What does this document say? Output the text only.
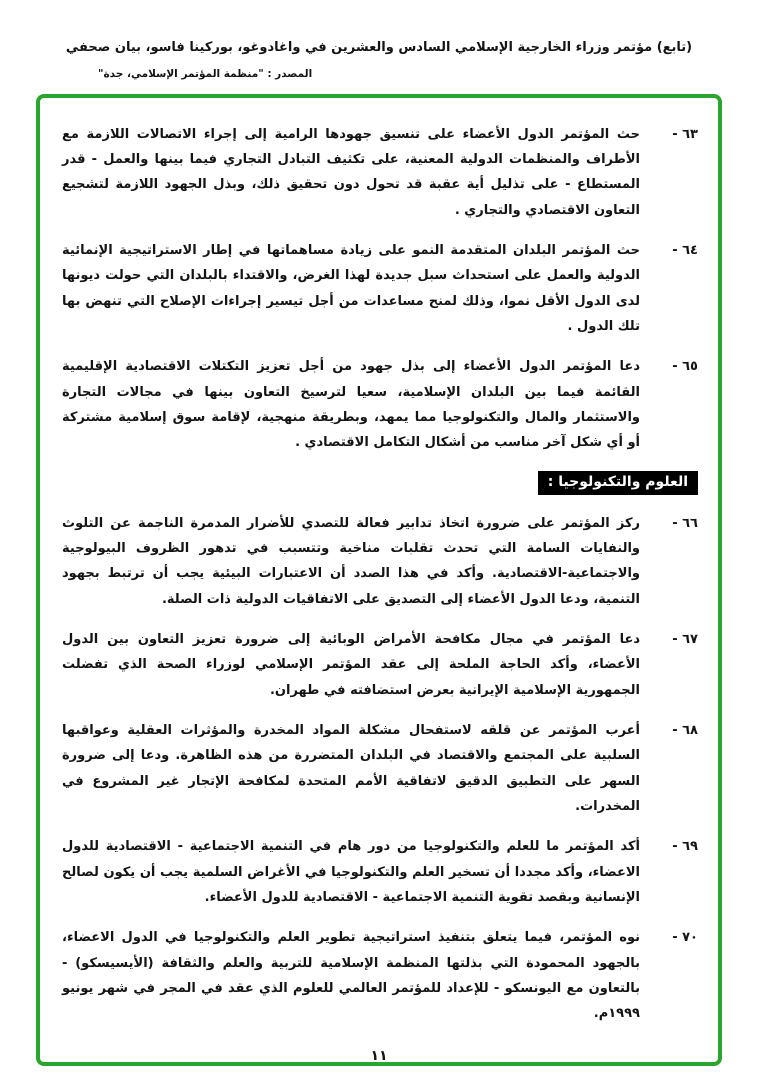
(تابع) مؤتمر وزراء الخارجية الإسلامي السادس والعشرين في واغادوغو، بوركينا فاسو، بيان صحفي
المصدر : "منظمة المؤتمر الإسلامي، جدة"
٦٣ -
حث المؤتمر الدول الأعضاء على تنسيق جهودها الرامية إلى إجراء الاتصالات اللازمة مع الأطراف والمنظمات الدولية المعنية، على تكثيف التبادل التجاري فيما بينها والعمل - قدر المستطاع - على تذليل أية عقبة قد تحول دون تحقيق ذلك، وبذل الجهود اللازمة لتشجيع التعاون الاقتصادي والتجاري .
٦٤ -
حث المؤتمر البلدان المتقدمة النمو على زيادة مساهماتها في إطار الاستراتيجية الإنمائية الدولية والعمل على استحداث سبل جديدة لهذا الغرض، والاقتداء بالبلدان التي حولت ديونها لدى الدول الأقل نموا، وذلك لمنح مساعدات من أجل تيسير إجراءات الإصلاح التي تنهض بها تلك الدول .
٦٥ -
دعا المؤتمر الدول الأعضاء إلى بذل جهود من أجل تعزيز التكتلات الاقتصادية الإقليمية القائمة فيما بين البلدان الإسلامية، سعيا لترسيخ التعاون بينها في مجالات التجارة والاستثمار والمال والتكنولوجيا مما يمهد، وبطريقة منهجية، لإقامة سوق إسلامية مشتركة أو أي شكل آخر مناسب من أشكال التكامل الاقتصادي .
العلوم والتكنولوجيا :
٦٦ -
ركز المؤتمر على ضرورة اتخاذ تدابير فعالة للتصدي للأضرار المدمرة الناجمة عن التلوث والنفايات السامة التي تحدث تقلبات مناخية وتتسبب في تدهور الظروف البيولوجية والاجتماعية-الاقتصادية. وأكد في هذا الصدد أن الاعتبارات البيئية يجب أن ترتبط بجهود التنمية، ودعا الدول الأعضاء إلى التصديق على الاتفاقيات الدولية ذات الصلة.
٦٧ -
دعا المؤتمر في مجال مكافحة الأمراض الوبائية إلى ضرورة تعزيز التعاون بين الدول الأعضاء، وأكد الحاجة الملحة إلى عقد المؤتمر الإسلامي لوزراء الصحة الذي تفضلت الجمهورية الإسلامية الإيرانية بعرض استضافته في طهران.
٦٨ -
أعرب المؤتمر عن قلقه لاستفحال مشكلة المواد المخدرة والمؤثرات العقلية وعواقبها السلبية على المجتمع والاقتصاد في البلدان المتضررة من هذه الظاهرة. ودعا إلى ضرورة السهر على التطبيق الدقيق لاتفاقية الأمم المتحدة لمكافحة الإتجار غير المشروع في المخدرات.
٦٩ -
أكد المؤتمر ما للعلم والتكنولوجيا من دور هام في التنمية الاجتماعية - الاقتصادية للدول الاعضاء، وأكد مجددا أن تسخير العلم والتكنولوجيا في الأغراض السلمية يجب أن يكون لصالح الإنسانية وبقصد تقوية التنمية الاجتماعية - الاقتصادية للدول الأعضاء.
٧٠ -
نوه المؤتمر، فيما يتعلق بتنفيذ استراتيجية تطوير العلم والتكنولوجيا في الدول الاعضاء، بالجهود المحمودة التي بذلتها المنظمة الإسلامية للتربية والعلم والثقافة (الأيسيسكو) - بالتعاون مع اليونسكو - للإعداد للمؤتمر العالمي للعلوم الذي عقد في المجر في شهر يونيو ١٩٩٩م.
١١
